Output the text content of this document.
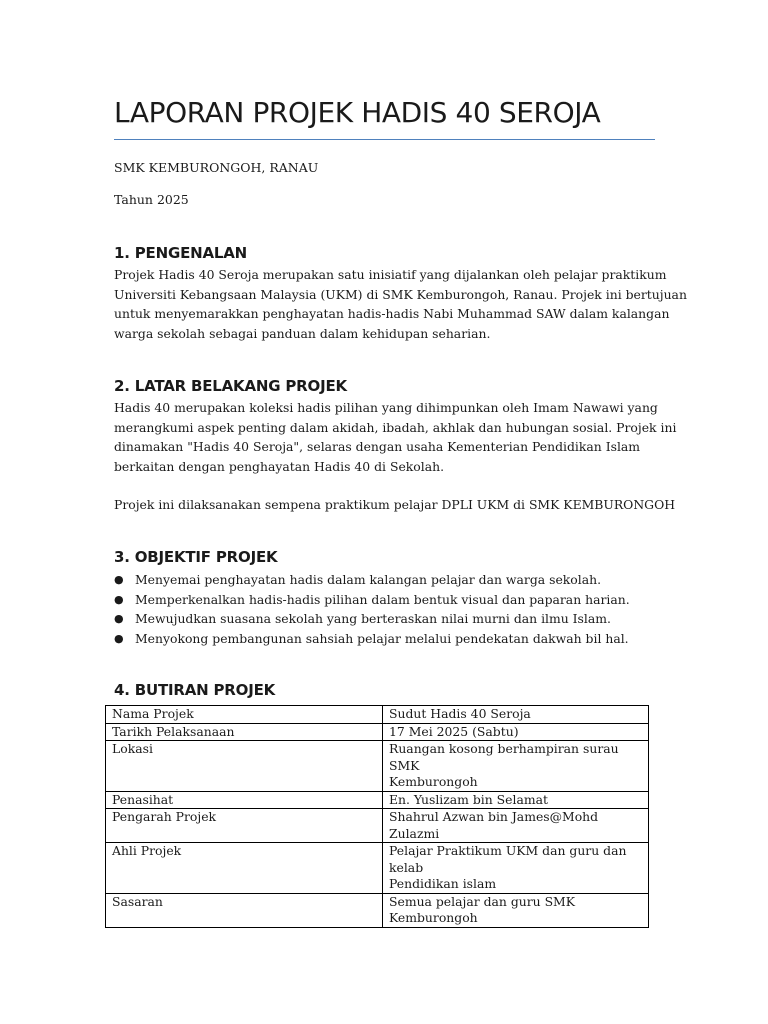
LAPORAN PROJEK HADIS 40 SEROJA

SMK KEMBURONGOH, RANAU

Tahun 2025

1. PENGENALAN
Projek Hadis 40 Seroja merupakan satu inisiatif yang dijalankan oleh pelajar praktikum
Universiti Kebangsaan Malaysia (UKM) di SMK Kemburongoh, Ranau. Projek ini bertujuan
untuk menyemarakkan penghayatan hadis-hadis Nabi Muhammad SAW dalam kalangan
warga sekolah sebagai panduan dalam kehidupan seharian.
2. LATAR BELAKANG PROJEK
Hadis 40 merupakan koleksi hadis pilihan yang dihimpunkan oleh Imam Nawawi yang
merangkumi aspek penting dalam akidah, ibadah, akhlak dan hubungan sosial. Projek ini
dinamakan "Hadis 40 Seroja", selaras dengan usaha Kementerian Pendidikan Islam
berkaitan dengan penghayatan Hadis 40 di Sekolah.

Projek ini dilaksanakan sempena praktikum pelajar DPLI UKM di SMK KEMBURONGOH

3. OBJEKTIF PROJEK
● Menyemai penghayatan hadis dalam kalangan pelajar dan warga sekolah.
● Memperkenalkan hadis-hadis pilihan dalam bentuk visual dan paparan harian.
● Mewujudkan suasana sekolah yang berteraskan nilai murni dan ilmu Islam.
● Menyokong pembangunan sahsiah pelajar melalui pendekatan dakwah bil hal.
4. BUTIRAN PROJEK
Nama Projek	Sudut Hadis 40 Seroja
Tarikh Pelaksanaan	17 Mei 2025 (Sabtu)
Lokasi	Ruangan kosong berhampiran surau SMK
Kemburongoh
Penasihat	En. Yuslizam bin Selamat
Pengarah Projek	Shahrul Azwan bin James@Mohd Zulazmi
Ahli Projek	Pelajar Praktikum UKM dan guru dan kelab
Pendidikan islam
Sasaran	Semua pelajar dan guru SMK Kemburongoh
